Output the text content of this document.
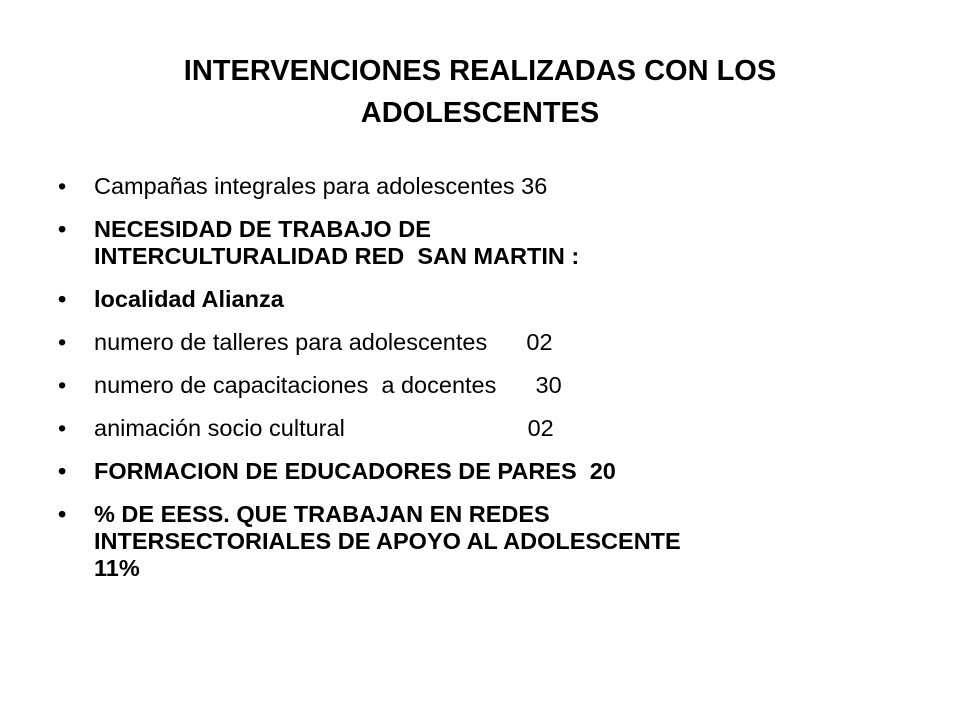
INTERVENCIONES REALIZADAS CON LOS
ADOLESCENTES
• Campañas integrales para adolescentes 36
• NECESIDAD DE TRABAJO DE
INTERCULTURALIDAD RED  SAN MARTIN :
• localidad Alianza
• numero de talleres para adolescentes      02
• numero de capacitaciones  a docentes      30
• animación socio cultural                            02
• FORMACION DE EDUCADORES DE PARES  20
• % DE EESS. QUE TRABAJAN EN REDES
INTERSECTORIALES DE APOYO AL ADOLESCENTE
11%
